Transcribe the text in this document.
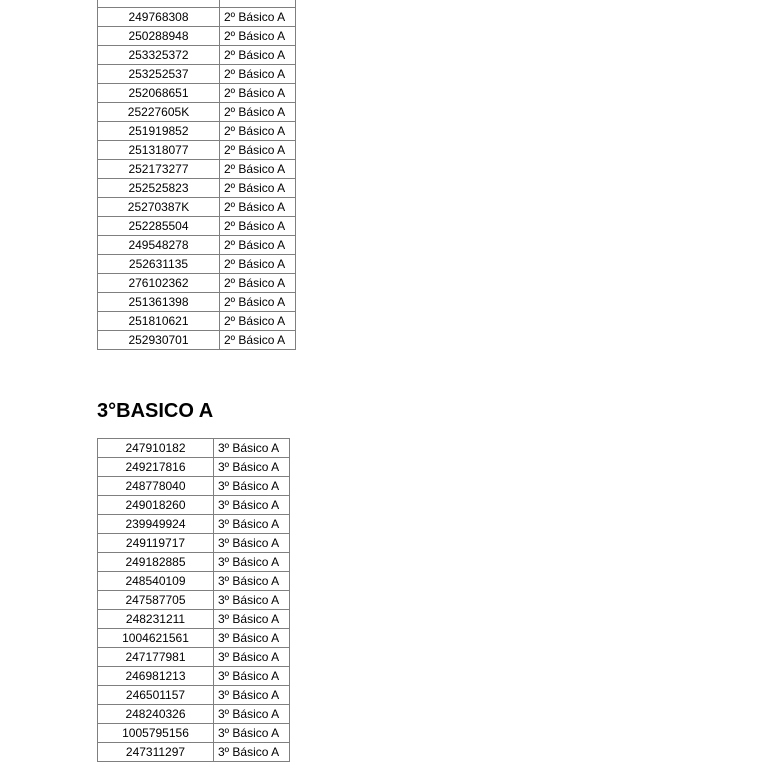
249768308	2º Básico A
250288948	2º Básico A
253325372	2º Básico A
253252537	2º Básico A
252068651	2º Básico A
25227605K	2º Básico A
251919852	2º Básico A
251318077	2º Básico A
252173277	2º Básico A
252525823	2º Básico A
25270387K	2º Básico A
252285504	2º Básico A
249548278	2º Básico A
252631135	2º Básico A
276102362	2º Básico A
251361398	2º Básico A
251810621	2º Básico A
252930701	2º Básico A
3°BASICO A
247910182	3º Básico A
249217816	3º Básico A
248778040	3º Básico A
249018260	3º Básico A
239949924	3º Básico A
249119717	3º Básico A
249182885	3º Básico A
248540109	3º Básico A
247587705	3º Básico A
248231211	3º Básico A
1004621561	3º Básico A
247177981	3º Básico A
246981213	3º Básico A
246501157	3º Básico A
248240326	3º Básico A
1005795156	3º Básico A
247311297	3º Básico A
